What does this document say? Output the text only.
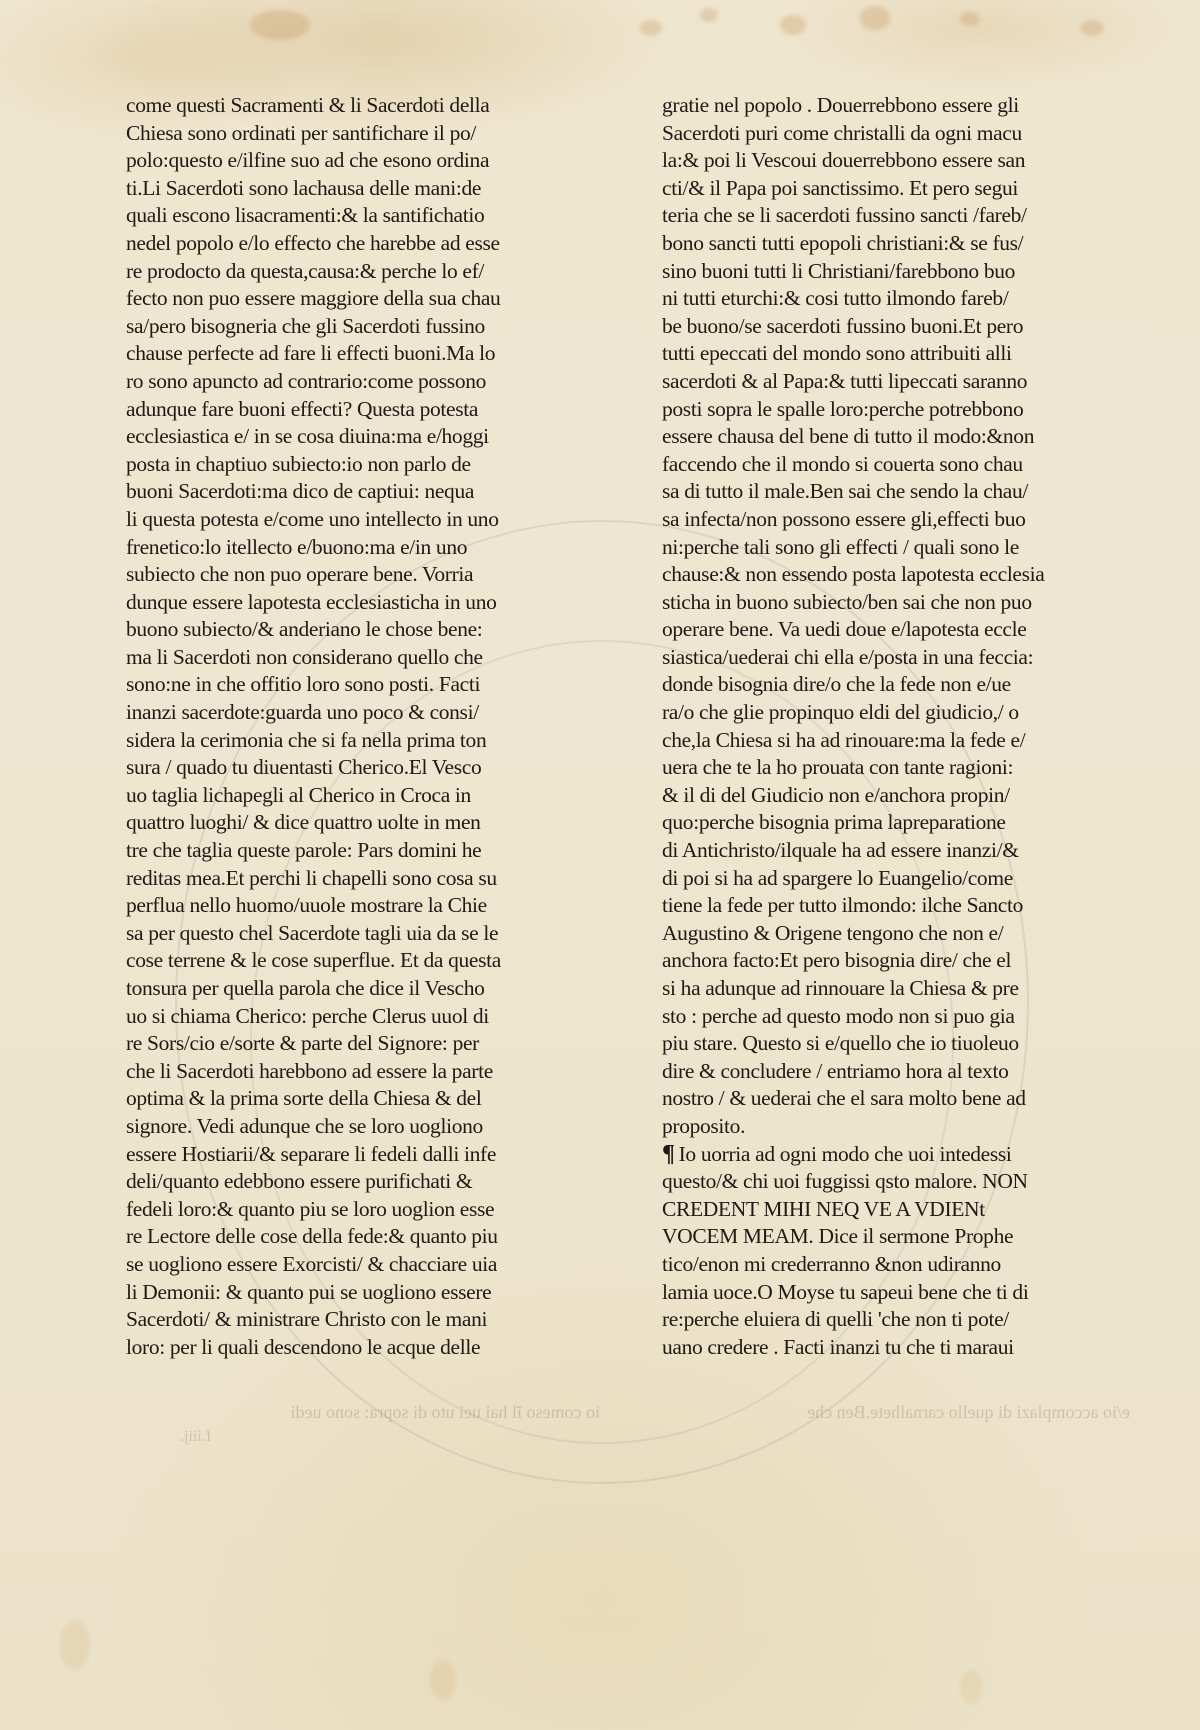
come questi Sacramenti & li Sacerdoti della
Chiesa sono ordinati per santifichare il po/
polo:questo e/ilfine suo ad che esono ordina
ti.Li Sacerdoti sono lachausa delle mani:de
quali escono lisacramenti:& la santifichatio
nedel popolo e/lo effecto che harebbe ad esse
re prodocto da questa,causa:& perche lo ef/
fecto non puo essere maggiore della sua chau
sa/pero bisogneria che gli Sacerdoti fussino
chause perfecte ad fare li effecti buoni.Ma lo
ro sono apuncto ad contrario:come possono
adunque fare buoni effecti? Questa potesta
ecclesiastica e/ in se cosa diuina:ma e/hoggi
posta in chaptiuo subiecto:io non parlo de
buoni Sacerdoti:ma dico de captiui: nequa
li questa potesta e/come uno intellecto in uno
frenetico:lo itellecto e/buono:ma e/in uno
subiecto che non puo operare bene. Vorria
dunque essere lapotesta ecclesiasticha in uno
buono subiecto/& anderiano le chose bene:
ma li Sacerdoti non considerano quello che
sono:ne in che offitio loro sono posti. Facti
inanzi sacerdote:guarda uno poco & consi/
sidera la cerimonia che si fa nella prima ton
sura / quado tu diuentasti Cherico.El Vesco
uo taglia lichapegli al Cherico in Croca in
quattro luoghi/ & dice quattro uolte in men
tre che taglia queste parole: Pars domini he
reditas mea.Et perchi li chapelli sono cosa su
perflua nello huomo/uuole mostrare la Chie
sa per questo chel Sacerdote tagli uia da se le
cose terrene & le cose superflue. Et da questa
tonsura per quella parola che dice il Vescho
uo si chiama Cherico: perche Clerus uuol di
re Sors/cio e/sorte & parte del Signore: per
che li Sacerdoti harebbono ad essere la parte
optima & la prima sorte della Chiesa & del
signore. Vedi adunque che se loro uogliono
essere Hostiarii/& separare li fedeli dalli infe
deli/quanto edebbono essere purifichati &
fedeli loro:& quanto piu se loro uoglion esse
re Lectore delle cose della fede:& quanto piu
se uogliono essere Exorcisti/ & chacciare uia
li Demonii: & quanto pui se uogliono essere
Sacerdoti/ & ministrare Christo con le mani
loro: per li quali descendono le acque delle
gratie nel popolo . Douerrebbono essere gli
Sacerdoti puri come christalli da ogni macu
la:& poi li Vescoui douerrebbono essere san
cti/& il Papa poi sanctissimo. Et pero segui
teria che se li sacerdoti fussino sancti /fareb/
bono sancti tutti epopoli christiani:& se fus/
sino buoni tutti li Christiani/farebbono buo
ni tutti eturchi:& cosi tutto ilmondo fareb/
be buono/se sacerdoti fussino buoni.Et pero
tutti epeccati del mondo sono attribuiti alli
sacerdoti & al Papa:& tutti lipeccati saranno
posti sopra le spalle loro:perche potrebbono
essere chausa del bene di tutto il modo:&non
faccendo che il mondo si couerta sono chau
sa di tutto il male.Ben sai che sendo la chau/
sa infecta/non possono essere gli,effecti buo
ni:perche tali sono gli effecti / quali sono le
chause:& non essendo posta lapotesta ecclesia
sticha in buono subiecto/ben sai che non puo
operare bene. Va uedi doue e/lapotesta eccle
siastica/uederai chi ella e/posta in una feccia:
donde bisognia dire/o che la fede non e/ue
ra/o che glie propinquo eldi del giudicio,/ o
che,la Chiesa si ha ad rinouare:ma la fede e/
uera che te la ho prouata con tante ragioni:
& il di del Giudicio non e/anchora propin/
quo:perche bisognia prima lapreparatione
di Antichristo/ilquale ha ad essere inanzi/&
di poi si ha ad spargere lo Euangelio/come
tiene la fede per tutto ilmondo: ilche Sancto
Augustino & Origene tengono che non e/
anchora facto:Et pero bisognia dire/ che el
si ha adunque ad rinnouare la Chiesa & pre
sto : perche ad questo modo non si puo gia
piu stare. Questo si e/quello che io tiuoleuo
dire & concludere / entriamo hora al texto
nostro / & uederai che el sara molto bene ad
proposito.
¶ Io uorria ad ogni modo che uoi intedessi
questo/& chi uoi fuggissi qsto malore. NON
CREDENT MIHI NEQ VE A VDIENt
VOCEM MEAM. Dice il sermone Prophe
tico/enon mi crederranno &non udiranno
lamia uoce.O Moyse tu sapeui bene che ti di
re:perche eluiera di quelli 'che non ti pote/
uano credere . Facti inanzi tu che ti maraui
io comeso ĩl hai uei uto di sopra: sono uedi	e/io accomplazi di quello carnalhete.Ben che
f.iiij.
